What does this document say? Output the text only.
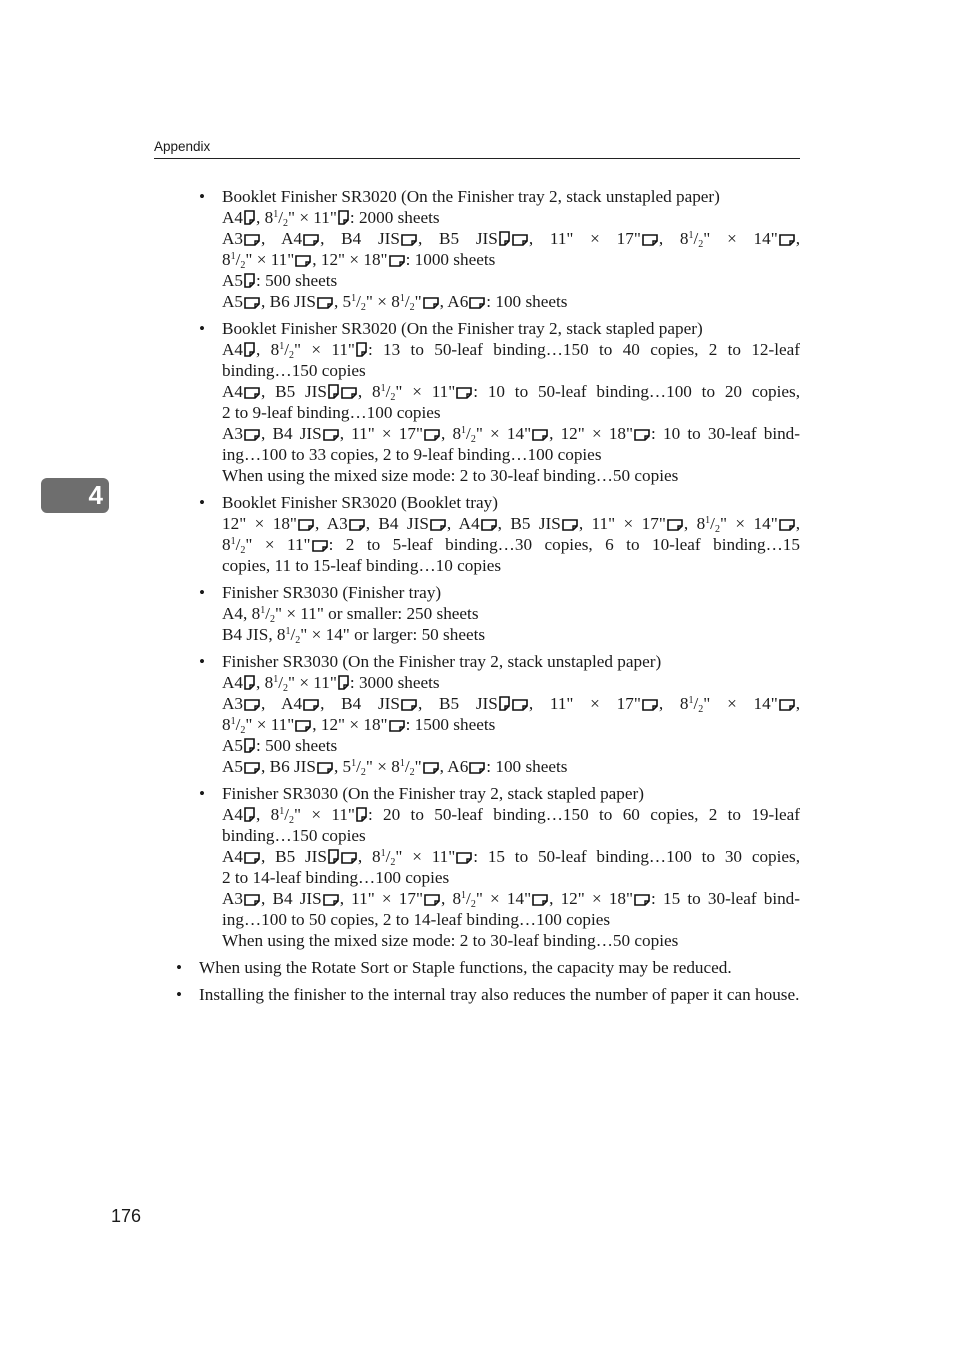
Appendix
4
• Booklet Finisher SR3020 (On the Finisher tray 2, stack unstapled paper)
A4 , $8^1/_2$" × 11" : 2000 sheets
A3 , A4 , B4 JIS , B5 JIS , 11" × 17" , $8^1/_2$" × 14" ,
$8^1/_2$" × 11" , 12" × 18" : 1000 sheets
A5 : 500 sheets
A5 , B6 JIS , $5^1/_2$" × $8^1/_2$" , A6 : 100 sheets
• Booklet Finisher SR3020 (On the Finisher tray 2, stack stapled paper)
A4 , $8^1/_2$" × 11" : 13 to 50-leaf binding…150 to 40 copies, 2 to 12-leaf
binding…150 copies
A4 , B5 JIS , $8^1/_2$" × 11" : 10 to 50-leaf binding…100 to 20 copies,
2 to 9-leaf binding…100 copies
A3 , B4 JIS , 11" × 17" , $8^1/_2$" × 14" , 12" × 18" : 10 to 30-leaf bind-
ing…100 to 33 copies, 2 to 9-leaf binding…100 copies
When using the mixed size mode: 2 to 30-leaf binding…50 copies
• Booklet Finisher SR3020 (Booklet tray)
12" × 18" , A3 , B4 JIS , A4 , B5 JIS , 11" × 17" , $8^1/_2$" × 14" ,
$8^1/_2$" × 11" : 2 to 5-leaf binding…30 copies, 6 to 10-leaf binding…15
copies, 11 to 15-leaf binding…10 copies
• Finisher SR3030 (Finisher tray)
A4, $8^1/_2$" × 11" or smaller: 250 sheets
B4 JIS, $8^1/_2$" × 14" or larger: 50 sheets
• Finisher SR3030 (On the Finisher tray 2, stack unstapled paper)
A4 , $8^1/_2$" × 11" : 3000 sheets
A3 , A4 , B4 JIS , B5 JIS , 11" × 17" , $8^1/_2$" × 14" ,
$8^1/_2$" × 11" , 12" × 18" : 1500 sheets
A5 : 500 sheets
A5 , B6 JIS , $5^1/_2$" × $8^1/_2$" , A6 : 100 sheets
• Finisher SR3030 (On the Finisher tray 2, stack stapled paper)
A4 , $8^1/_2$" × 11" : 20 to 50-leaf binding…150 to 60 copies, 2 to 19-leaf
binding…150 copies
A4 , B5 JIS , $8^1/_2$" × 11" : 15 to 50-leaf binding…100 to 30 copies,
2 to 14-leaf binding…100 copies
A3 , B4 JIS , 11" × 17" , $8^1/_2$" × 14" , 12" × 18" : 15 to 30-leaf bind-
ing…100 to 50 copies, 2 to 14-leaf binding…100 copies
When using the mixed size mode: 2 to 30-leaf binding…50 copies
• When using the Rotate Sort or Staple functions, the capacity may be reduced.
• Installing the finisher to the internal tray also reduces the number of paper it can house.
176
